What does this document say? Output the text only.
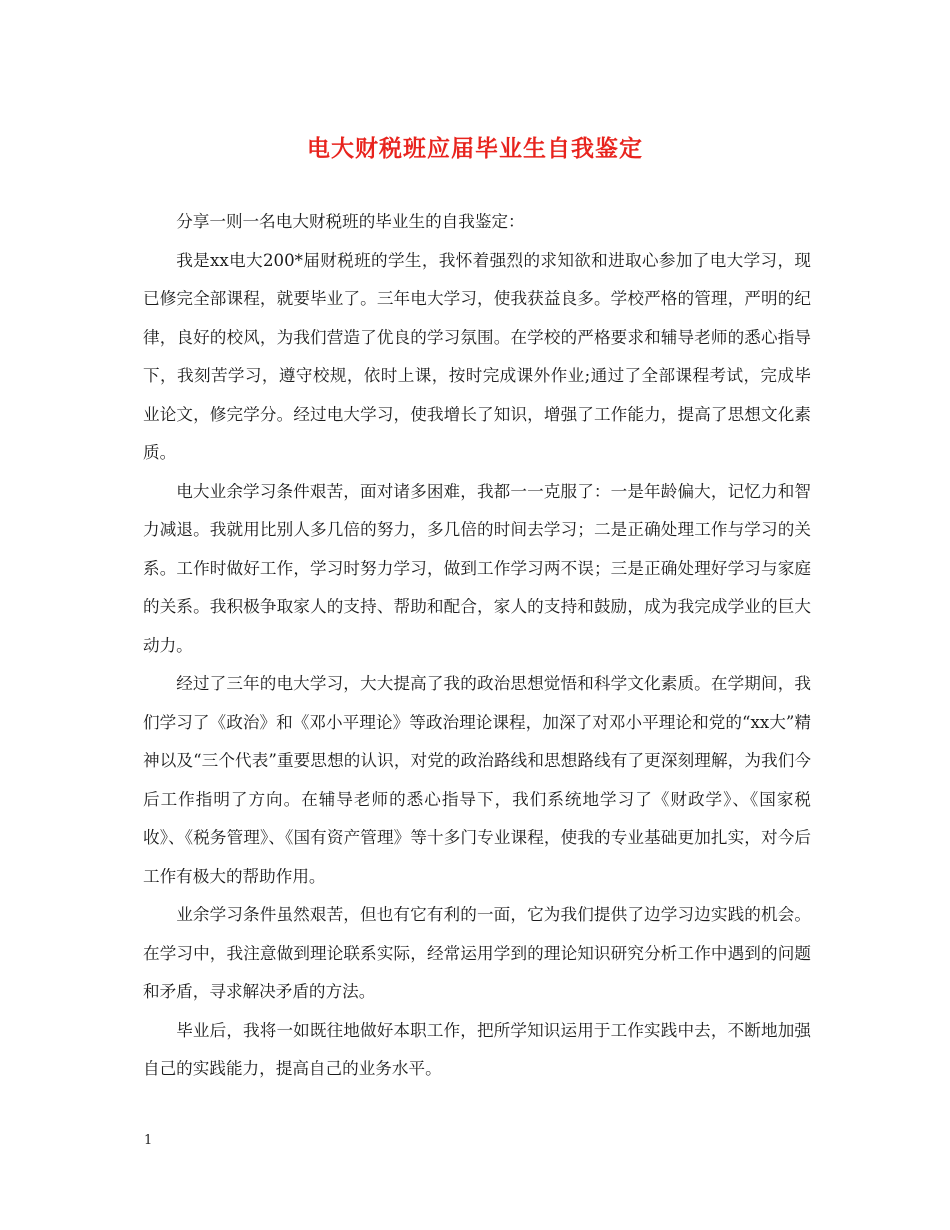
电大财税班应届毕业生自我鉴定

分享一则一名电大财税班的毕业生的自我鉴定：

我是xx电大200*届财税班的学生，我怀着强烈的求知欲和进取心参加了电大学习，现已修完全部课程，就要毕业了。三年电大学习，使我获益良多。学校严格的管理，严明的纪律，良好的校风，为我们营造了优良的学习氛围。在学校的严格要求和辅导老师的悉心指导下，我刻苦学习，遵守校规，依时上课，按时完成课外作业;通过了全部课程考试，完成毕业论文，修完学分。经过电大学习，使我增长了知识，增强了工作能力，提高了思想文化素质。

电大业余学习条件艰苦，面对诸多困难，我都一一克服了：一是年龄偏大，记忆力和智力减退。我就用比别人多几倍的努力，多几倍的时间去学习；二是正确处理工作与学习的关系。工作时做好工作，学习时努力学习，做到工作学习两不误；三是正确处理好学习与家庭的关系。我积极争取家人的支持、帮助和配合，家人的支持和鼓励，成为我完成学业的巨大动力。

经过了三年的电大学习，大大提高了我的政治思想觉悟和科学文化素质。在学期间，我们学习了《政治》和《邓小平理论》等政治理论课程，加深了对邓小平理论和党的“xx大”精神以及“三个代表”重要思想的认识，对党的政治路线和思想路线有了更深刻理解，为我们今后工作指明了方向。在辅导老师的悉心指导下，我们系统地学习了《财政学》、《国家税收》、《税务管理》、《国有资产管理》等十多门专业课程，使我的专业基础更加扎实，对今后工作有极大的帮助作用。

业余学习条件虽然艰苦，但也有它有利的一面，它为我们提供了边学习边实践的机会。在学习中，我注意做到理论联系实际，经常运用学到的理论知识研究分析工作中遇到的问题和矛盾，寻求解决矛盾的方法。

毕业后，我将一如既往地做好本职工作，把所学知识运用于工作实践中去，不断地加强自己的实践能力，提高自己的业务水平。

1
